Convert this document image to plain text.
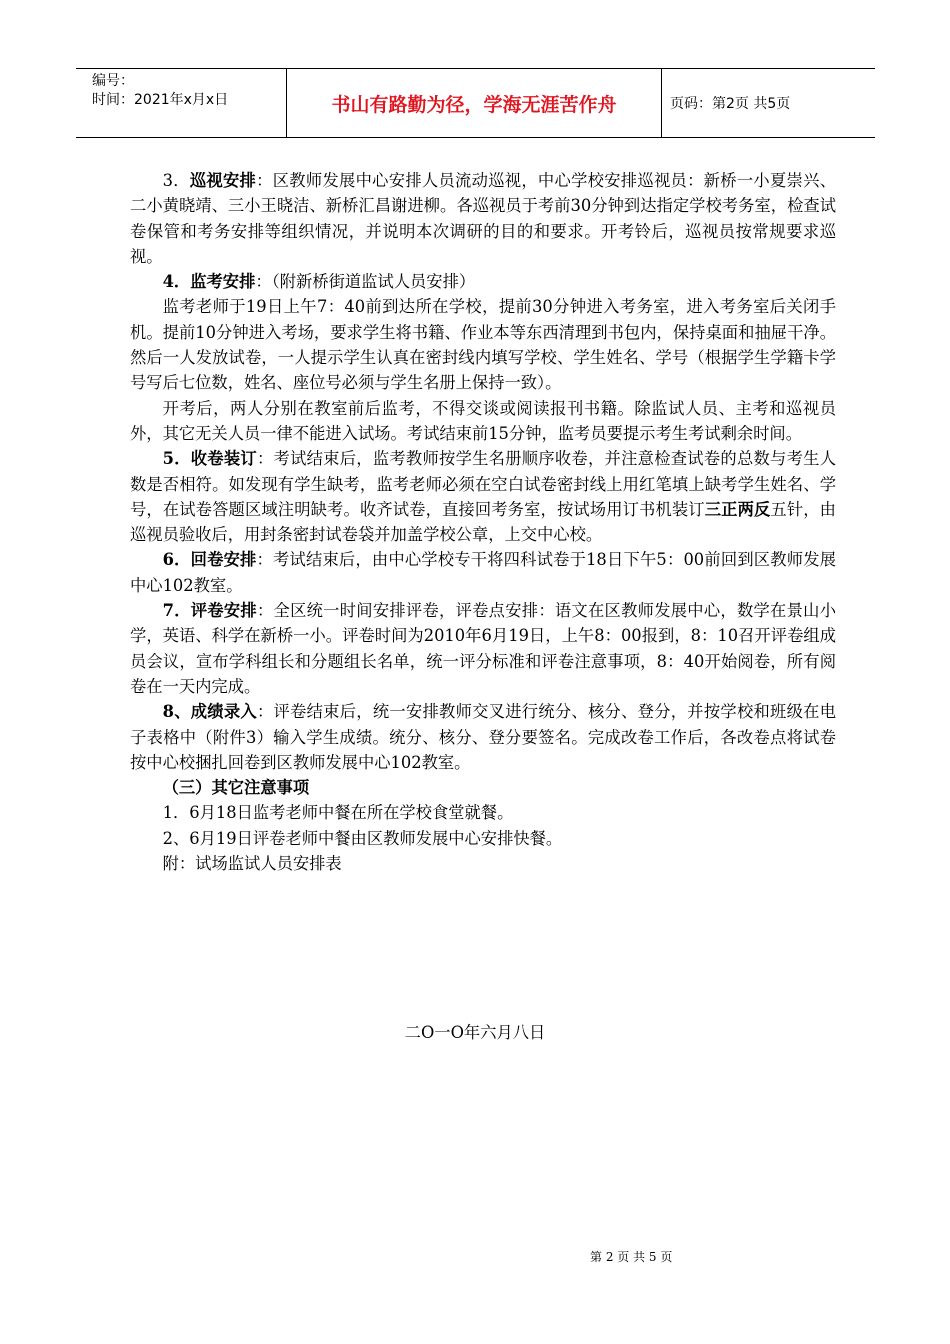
编号：
时间：2021年x月x日	书山有路勤为径，学海无涯苦作舟	页码：第2页 共5页

3．巡视安排：区教师发展中心安排人员流动巡视，中心学校安排巡视员：新桥一小夏崇兴、二小黄晓靖、三小王晓洁、新桥汇昌谢进柳。各巡视员于考前30分钟到达指定学校考务室，检查试卷保管和考务安排等组织情况，并说明本次调研的目的和要求。开考铃后，巡视员按常规要求巡视。

4．监考安排：（附新桥街道监试人员安排）

监考老师于19日上午7：40前到达所在学校，提前30分钟进入考务室，进入考务室后关闭手机。提前10分钟进入考场，要求学生将书籍、作业本等东西清理到书包内，保持桌面和抽屉干净。然后一人发放试卷，一人提示学生认真在密封线内填写学校、学生姓名、学号（根据学生学籍卡学号写后七位数，姓名、座位号必须与学生名册上保持一致）。

开考后，两人分别在教室前后监考，不得交谈或阅读报刊书籍。除监试人员、主考和巡视员外，其它无关人员一律不能进入试场。考试结束前15分钟，监考员要提示考生考试剩余时间。

5．收卷装订：考试结束后，监考教师按学生名册顺序收卷，并注意检查试卷的总数与考生人数是否相符。如发现有学生缺考，监考老师必须在空白试卷密封线上用红笔填上缺考学生姓名、学号，在试卷答题区域注明缺考。收齐试卷，直接回考务室，按试场用订书机装订三正两反五针，由巡视员验收后，用封条密封试卷袋并加盖学校公章，上交中心校。

6．回卷安排：考试结束后，由中心学校专干将四科试卷于18日下午5：00前回到区教师发展中心102教室。

7．评卷安排：全区统一时间安排评卷，评卷点安排：语文在区教师发展中心，数学在景山小学，英语、科学在新桥一小。评卷时间为2010年6月19日，上午8：00报到，8：10召开评卷组成员会议，宣布学科组长和分题组长名单，统一评分标准和评卷注意事项，8：40开始阅卷，所有阅卷在一天内完成。

8、成绩录入：评卷结束后，统一安排教师交叉进行统分、核分、登分，并按学校和班级在电子表格中（附件3）输入学生成绩。统分、核分、登分要签名。完成改卷工作后，各改卷点将试卷按中心校捆扎回卷到区教师发展中心102教室。

（三）其它注意事项

1．6月18日监考老师中餐在所在学校食堂就餐。

2、6月19日评卷老师中餐由区教师发展中心安排快餐。

附：试场监试人员安排表

二O一O年六月八日
第 2 页 共 5 页
